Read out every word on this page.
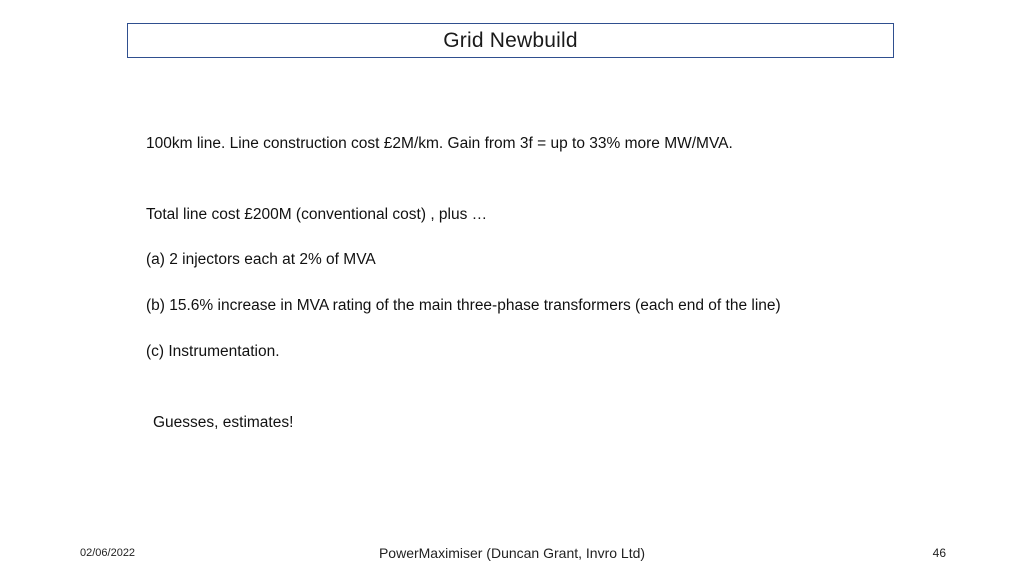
Grid Newbuild
100km line. Line construction cost £2M/km. Gain from 3f = up to 33% more MW/MVA.
Total line cost £200M (conventional cost) , plus …
(a) 2 injectors each at 2% of MVA
(b) 15.6% increase in MVA rating of the main three-phase transformers (each end of the line)
(c) Instrumentation.
Guesses, estimates!
02/06/2022	PowerMaximiser (Duncan Grant, Invro Ltd)	46
